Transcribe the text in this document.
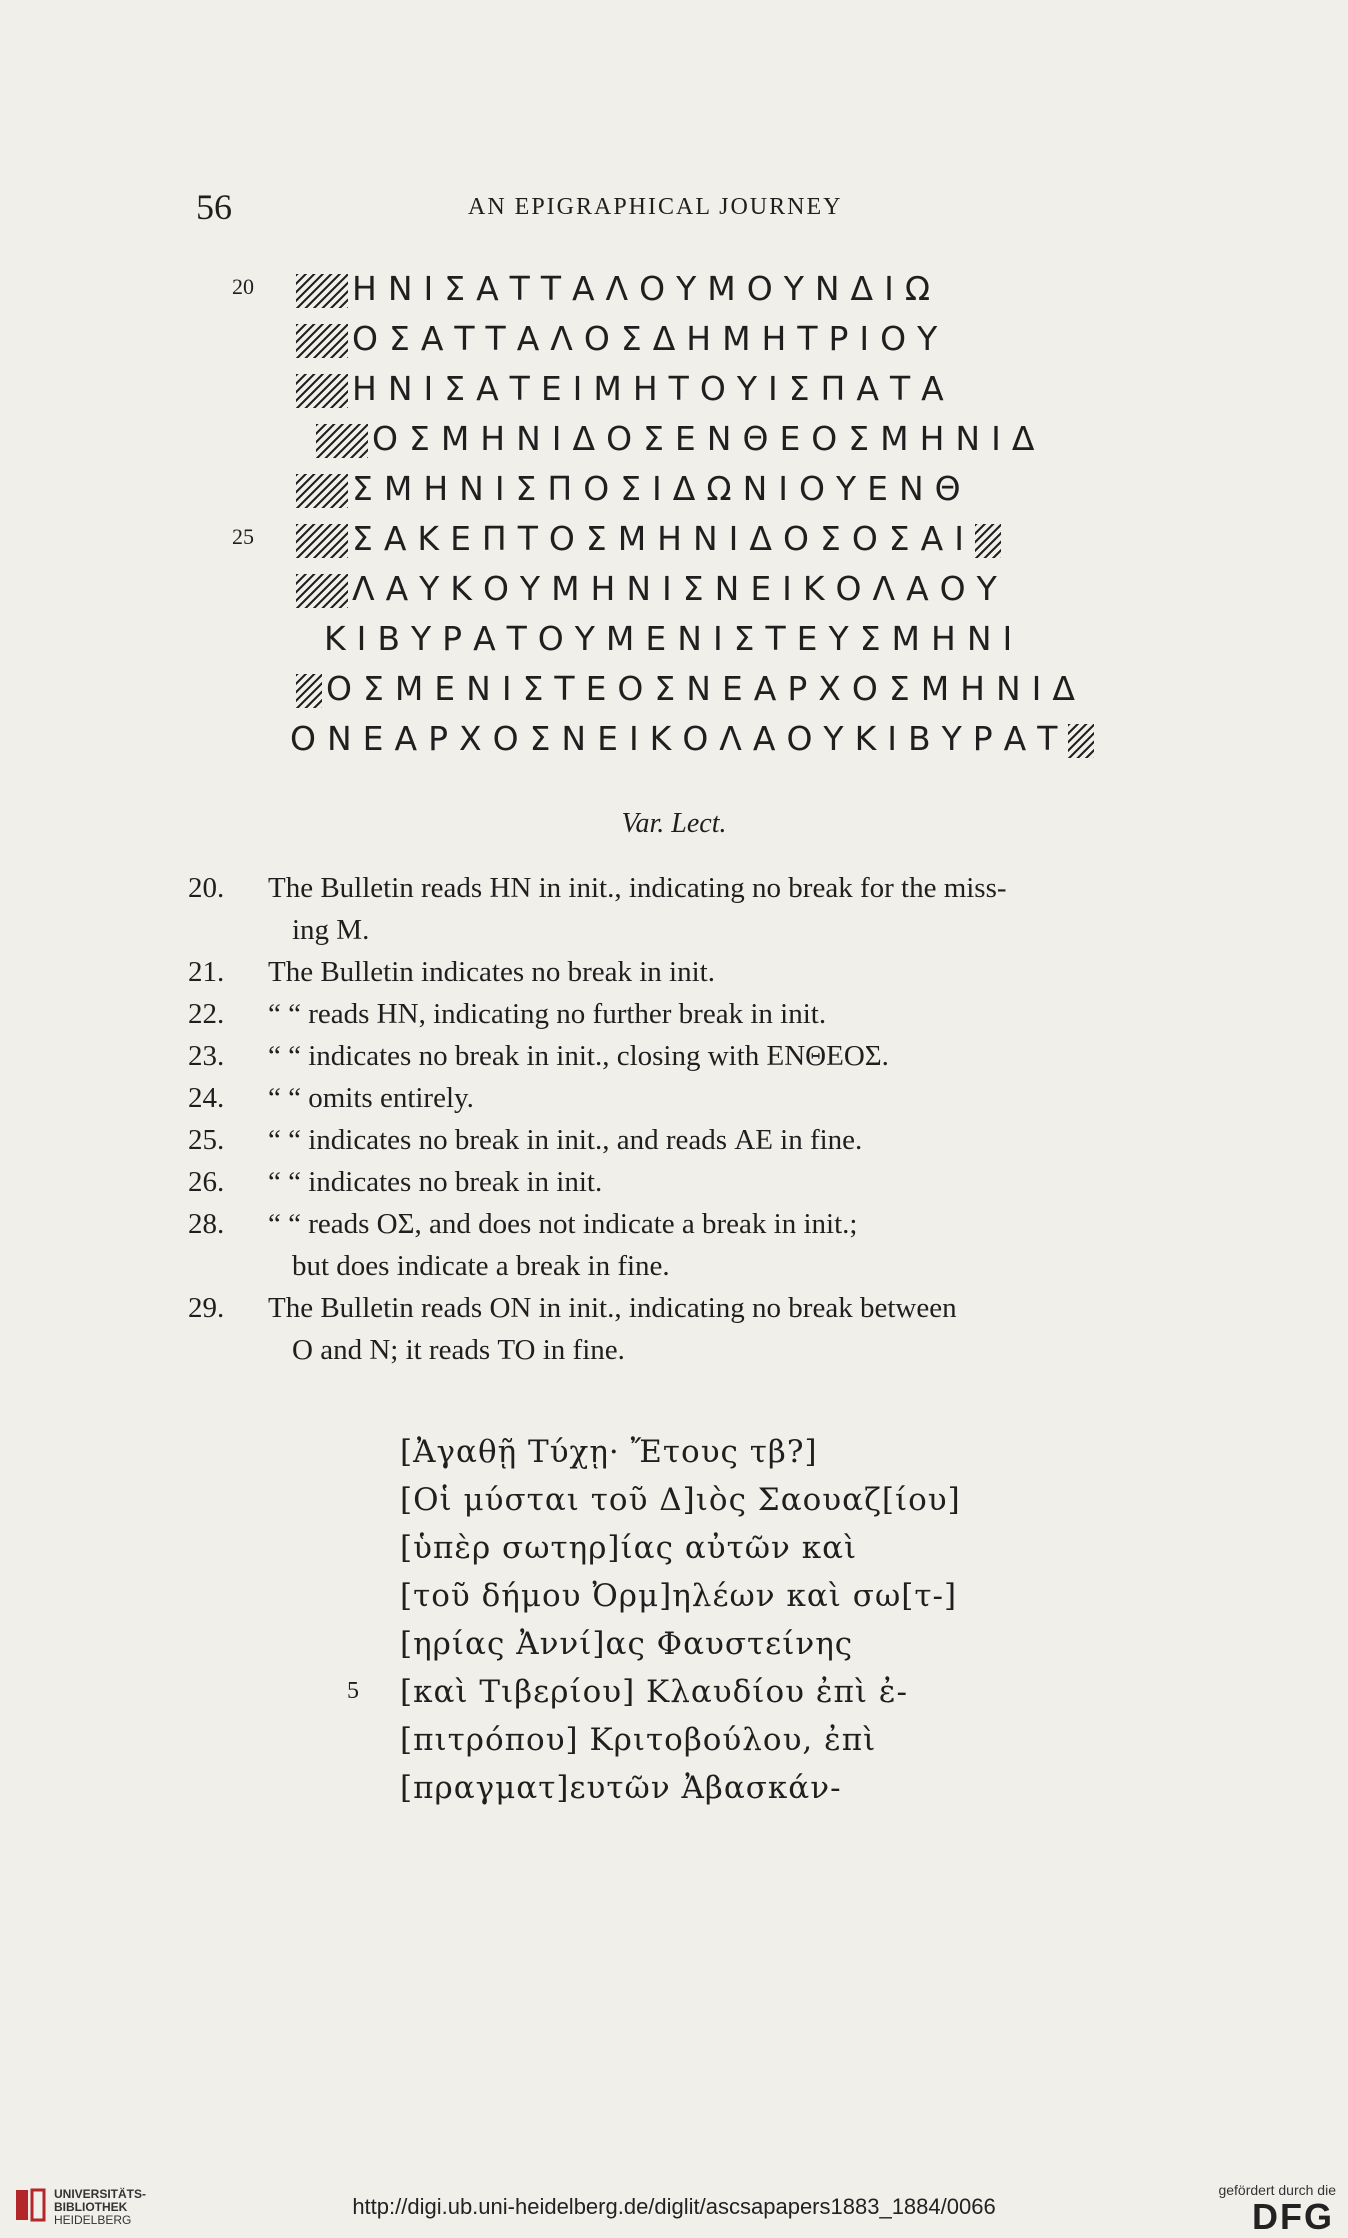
56	AN EPIGRAPHICAL JOURNEY
20	ΗΝΙΣΑΤΤΑΛΟΥΜΟΥΝΔΙΩ
ΟΣΑΤΤΑΛΟΣΔΗΜΗΤΡΙΟΥ
ΗΝΙΣΑΤΕΙΜΗΤΟΥΙΣΠΑΤΑ
ΟΣΜΗΝΙΔΟΣΕΝΘΕΟΣΜΗΝΙΔ
ΣΜΗΝΙΣΠΟΣΙΔΩΝΙΟΥΕΝΘ
25	ΣΑΚΕΠΤΟΣΜΗΝΙΔΟΣΟΣΑΙ
ΛΑΥΚΟΥΜΗΝΙΣΝΕΙΚΟΛΑΟΥ
ΚΙΒΥΡΑΤΟΥΜΕΝΙΣΤΕΥΣΜΗΝΙ
ΟΣΜΕΝΙΣΤΕΟΣΝΕΑΡΧΟΣΜΗΝΙΔ
ΟΝΕΑΡΧΟΣΝΕΙΚΟΛΑΟΥΚΙΒΥΡΑΤ
Var. Lect.
20. The Bulletin reads ΗΝ in init., indicating no break for the miss-
ing Μ.
21. The Bulletin indicates no break in init.
22. “ “ reads ΗΝ, indicating no further break in init.
23. “ “ indicates no break in init., closing with ΕΝΘΕΟΣ.
24. “ “ omits entirely.
25. “ “ indicates no break in init., and reads ΑΕ in fine.
26. “ “ indicates no break in init.
28. “ “ reads ΟΣ, and does not indicate a break in init.;
but does indicate a break in fine.
29. The Bulletin reads ΟΝ in init., indicating no break between
Ο and Ν; it reads ΤΟ in fine.
[Ἀγαθῇ Τύχῃ· Ἔτους τβ?]
[Οἱ μύσται τοῦ Δ]ιὸς Σαουαζ[ίου]
[ὑπὲρ σωτηρ]ίας αὐτῶν καὶ
[τοῦ δήμου Ὀρμ]ηλέων καὶ σω[τ-]
[ηρίας Ἀννί]ας Φαυστείνης
5 [καὶ Τιβερίου] Κλαυδίου ἐπὶ ἐ-
[πιτρόπου] Κριτοβούλου, ἐπὶ
[πραγματ]ευτῶν Ἀβασκάν-
UNIVERSITÄTS-
BIBLIOTHEK
HEIDELBERG
http://digi.ub.uni-heidelberg.de/diglit/ascsapapers1883_1884/0066
gefördert durch die
DFG
